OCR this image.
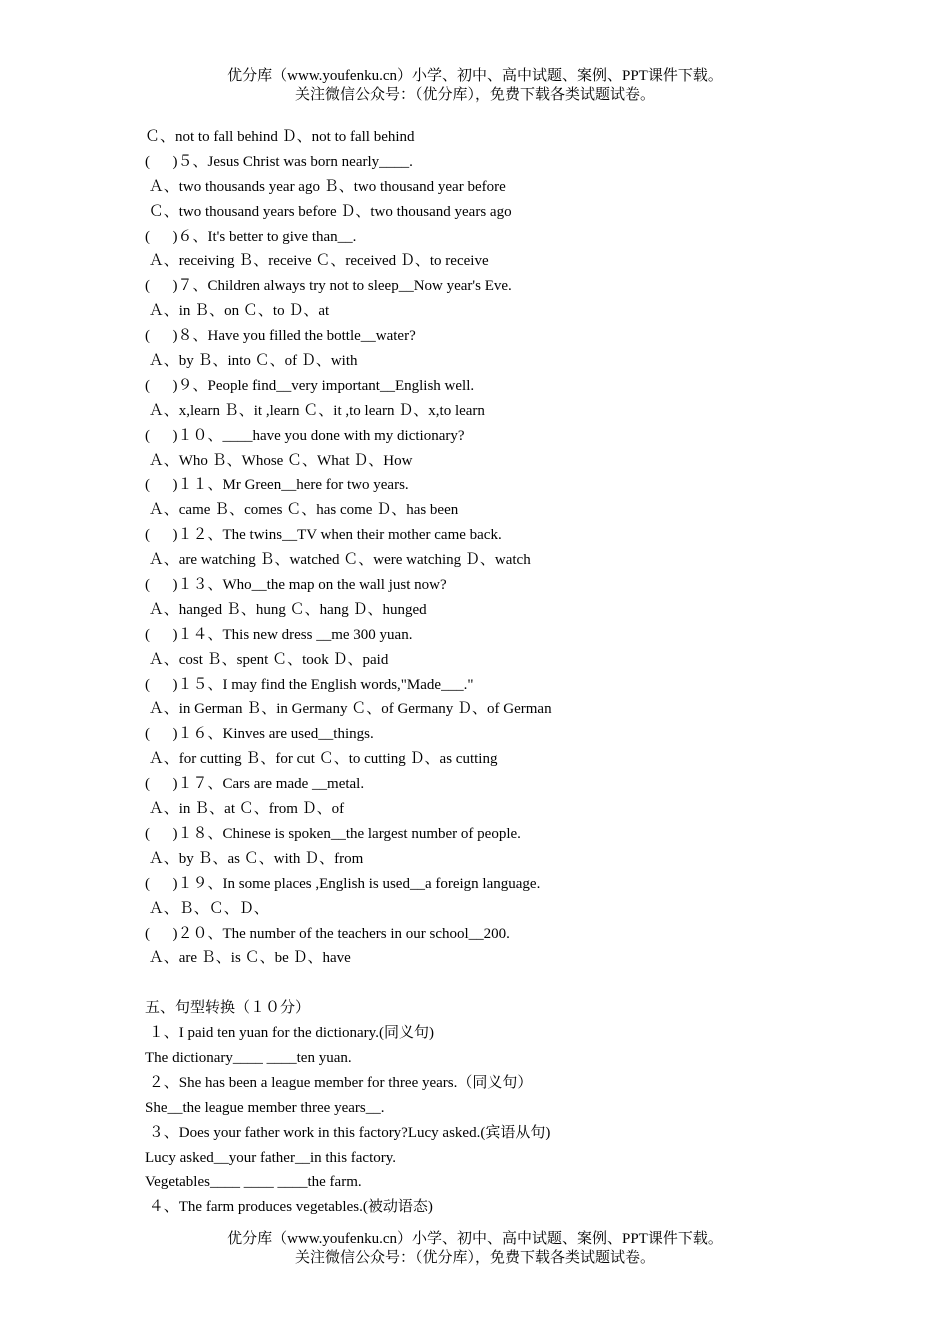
优分库（www.youfenku.cn）小学、初中、高中试题、案例、PPT课件下载。
关注微信公众号：（优分库），免费下载各类试题试卷。
Ｃ、not to fall behind Ｄ、not to fall behind
(      )５、Jesus Christ was born nearly____.
Ａ、two thousands year ago Ｂ、two thousand year before
Ｃ、two thousand years before Ｄ、two thousand years ago
(      )６、It's better to give than__.
Ａ、receiving Ｂ、receive Ｃ、received Ｄ、to receive
(      )７、Children always try not to sleep__Now year's Eve.
Ａ、in Ｂ、on Ｃ、to Ｄ、at
(      )８、Have you filled the bottle__water?
Ａ、by Ｂ、into Ｃ、of Ｄ、with
(      )９、People find__very important__English well.
Ａ、x,learn Ｂ、it ,learn Ｃ、it ,to learn Ｄ、x,to learn
(      )１０、____have you done with my dictionary?
Ａ、Who Ｂ、Whose Ｃ、What Ｄ、How
(      )１１、Mr Green__here for two years.
Ａ、came Ｂ、comes Ｃ、has come Ｄ、has been
(      )１２、The twins__TV when their mother came back.
Ａ、are watching Ｂ、watched Ｃ、were watching Ｄ、watch
(      )１３、Who__the map on the wall just now?
Ａ、hanged Ｂ、hung Ｃ、hang Ｄ、hunged
(      )１４、This new dress __me 300 yuan.
Ａ、cost Ｂ、spent Ｃ、took Ｄ、paid
(      )１５、I may find the English words,"Made___."
Ａ、in German Ｂ、in Germany Ｃ、of Germany Ｄ、of German
(      )１６、Kinves are used__things.
Ａ、for cutting Ｂ、for cut Ｃ、to cutting Ｄ、as cutting
(      )１７、Cars are made __metal.
Ａ、in Ｂ、at Ｃ、from Ｄ、of
(      )１８、Chinese is spoken__the largest number of people.
Ａ、by Ｂ、as Ｃ、with Ｄ、from
(      )１９、In some places ,English is used__a foreign language.
Ａ、Ｂ、Ｃ、Ｄ、
(      )２０、The number of the teachers in our school__200.
Ａ、are Ｂ、is Ｃ、be Ｄ、have
五、句型转换（１０分）
１、I paid ten yuan for the dictionary.(同义句)
The dictionary____ ____ten yuan.
２、She has been a league member for three years.（同义句）
She__the league member three years__.
３、Does your father work in this factory?Lucy asked.(宾语从句)
Lucy asked__your father__in this factory.
Vegetables____ ____ ____the farm.
４、The farm produces vegetables.(被动语态)
优分库（www.youfenku.cn）小学、初中、高中试题、案例、PPT课件下载。
关注微信公众号：（优分库），免费下载各类试题试卷。
